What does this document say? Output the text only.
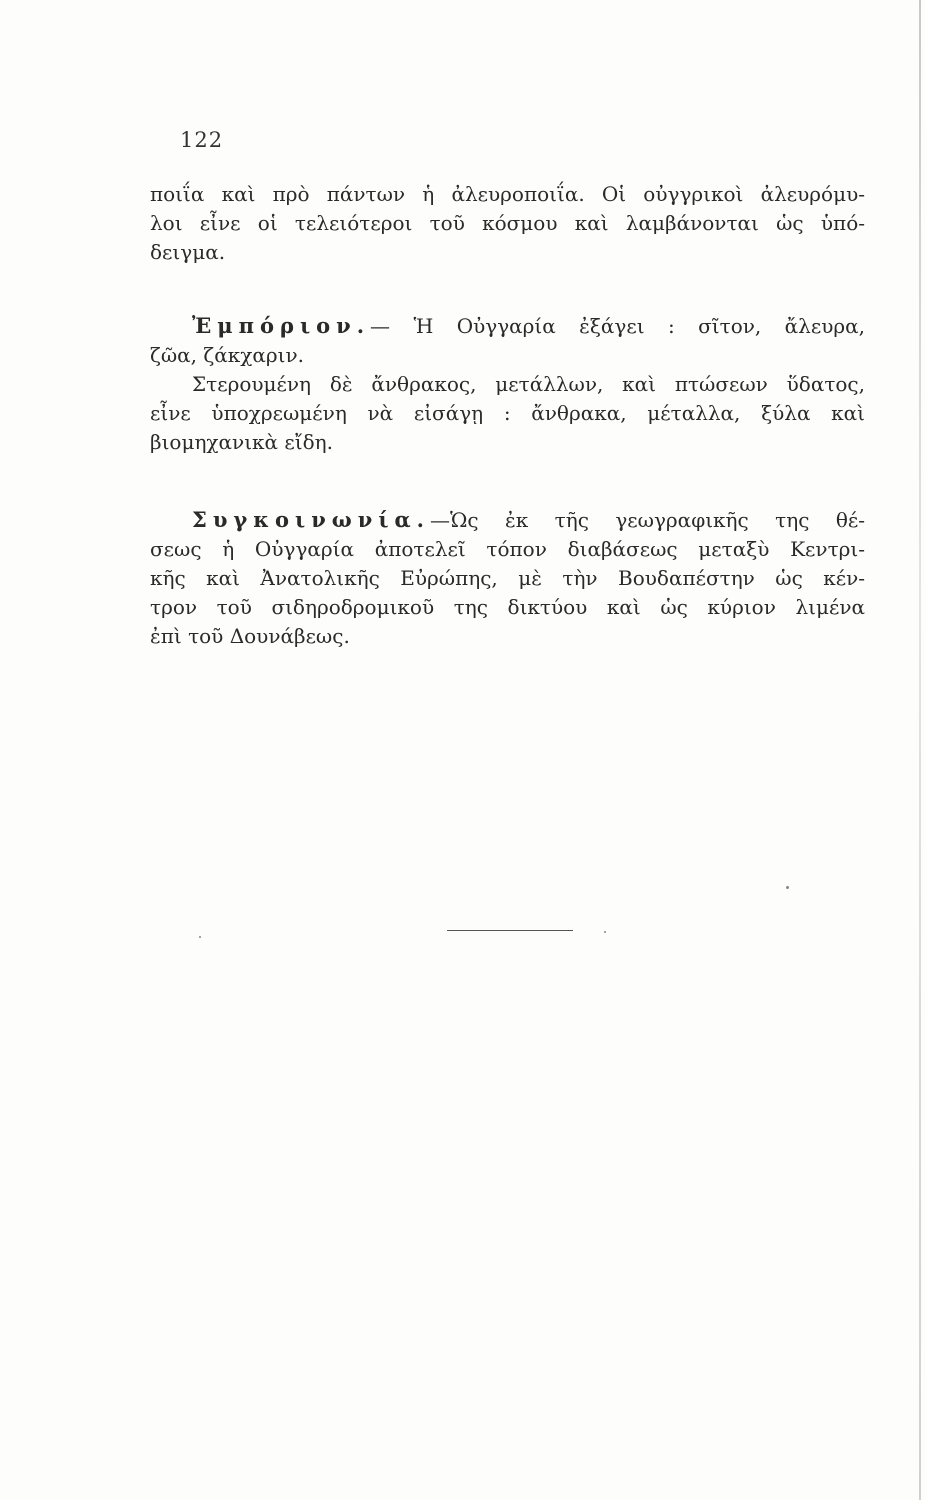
122
ποιΐα καὶ πρὸ πάντων ἡ ἀλευροποιΐα. Οἱ οὐγγρικοὶ ἀλευρόμυ-
λοι εἶνε οἱ τελειότεροι τοῦ κόσμου καὶ λαμβάνονται ὡς ὑπό-
δειγμα.
Ἐμπόριον.— Ἡ Οὐγγαρία ἐξάγει : σῖτον, ἄλευρα,
ζῶα, ζάκχαριν.
Στερουμένη δὲ ἄνθρακος, μετάλλων, καὶ πτώσεων ὕδατος,
εἶνε ὑποχρεωμένη νὰ εἰσάγῃ : ἄνθρακα, μέταλλα, ξύλα καὶ
βιομηχανικὰ εἴδη.
Συγκοινωνία.—Ὡς ἐκ τῆς γεωγραφικῆς της θέ-
σεως ἡ Οὐγγαρία ἀποτελεῖ τόπον διαβάσεως μεταξὺ Κεντρι-
κῆς καὶ Ἀνατολικῆς Εὐρώπης, μὲ τὴν Βουδαπέστην ὡς κέν-
τρον τοῦ σιδηροδρομικοῦ της δικτύου καὶ ὡς κύριον λιμένα
ἐπὶ τοῦ Δουνάβεως.
